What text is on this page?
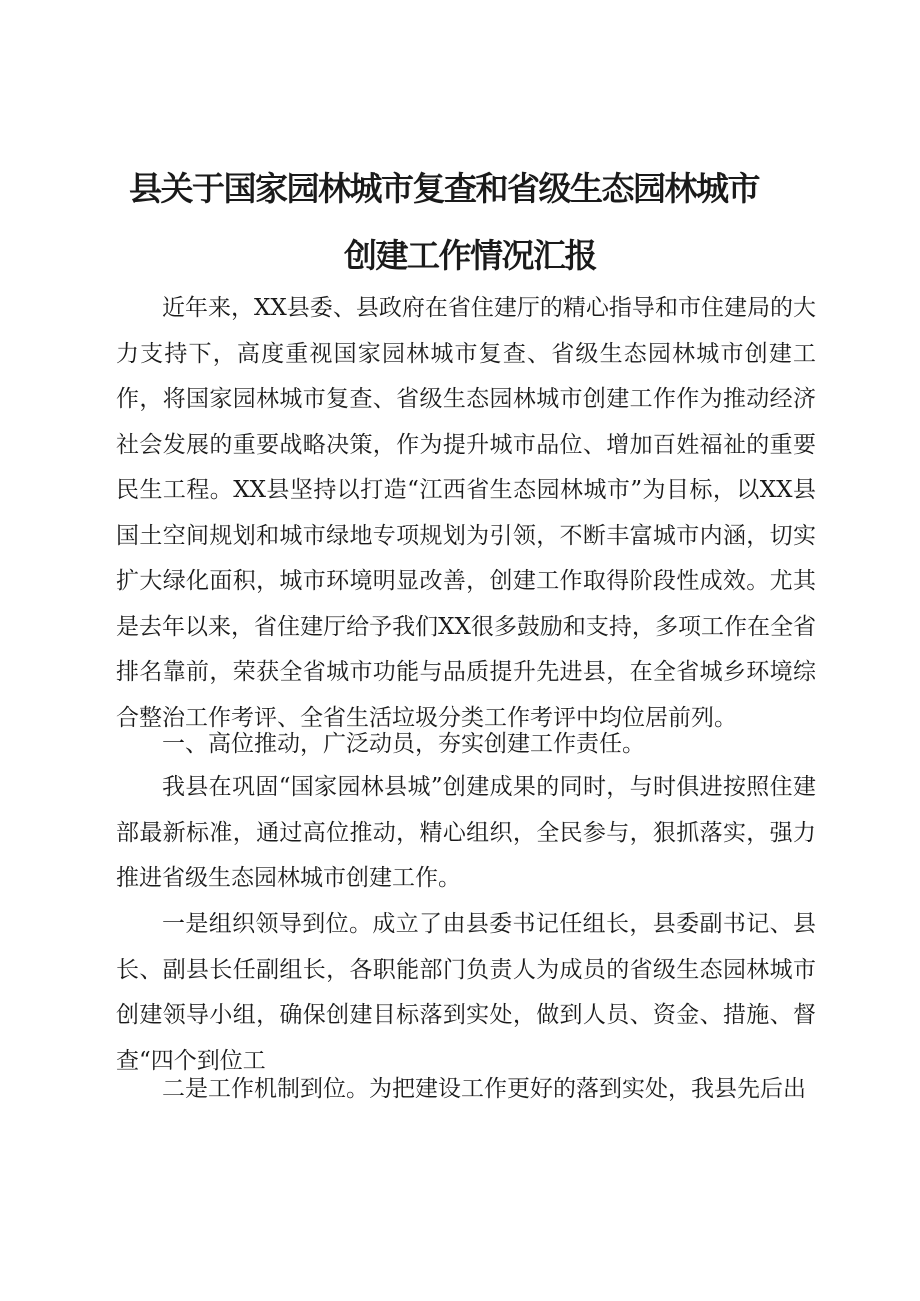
县关于国家园林城市复查和省级生态园林城市
创建工作情况汇报

近年来，XX县委、县政府在省住建厅的精心指导和市住建局的大力支持下，高度重视国家园林城市复查、省级生态园林城市创建工作，将国家园林城市复查、省级生态园林城市创建工作作为推动经济社会发展的重要战略决策，作为提升城市品位、增加百姓福祉的重要民生工程。XX县坚持以打造“江西省生态园林城市”为目标，以XX县国土空间规划和城市绿地专项规划为引领，不断丰富城市内涵，切实扩大绿化面积，城市环境明显改善，创建工作取得阶段性成效。尤其是去年以来，省住建厅给予我们XX很多鼓励和支持，多项工作在全省排名靠前，荣获全省城市功能与品质提升先进县，在全省城乡环境综合整治工作考评、全省生活垃圾分类工作考评中均位居前列。

一、高位推动，广泛动员，夯实创建工作责任。

我县在巩固“国家园林县城”创建成果的同时，与时俱进按照住建部最新标准，通过高位推动，精心组织，全民参与，狠抓落实，强力推进省级生态园林城市创建工作。

一是组织领导到位。成立了由县委书记任组长，县委副书记、县长、副县长任副组长，各职能部门负责人为成员的省级生态园林城市创建领导小组，确保创建目标落到实处，做到人员、资金、措施、督查“四个到位工

二是工作机制到位。为把建设工作更好的落到实处，我县先后出
